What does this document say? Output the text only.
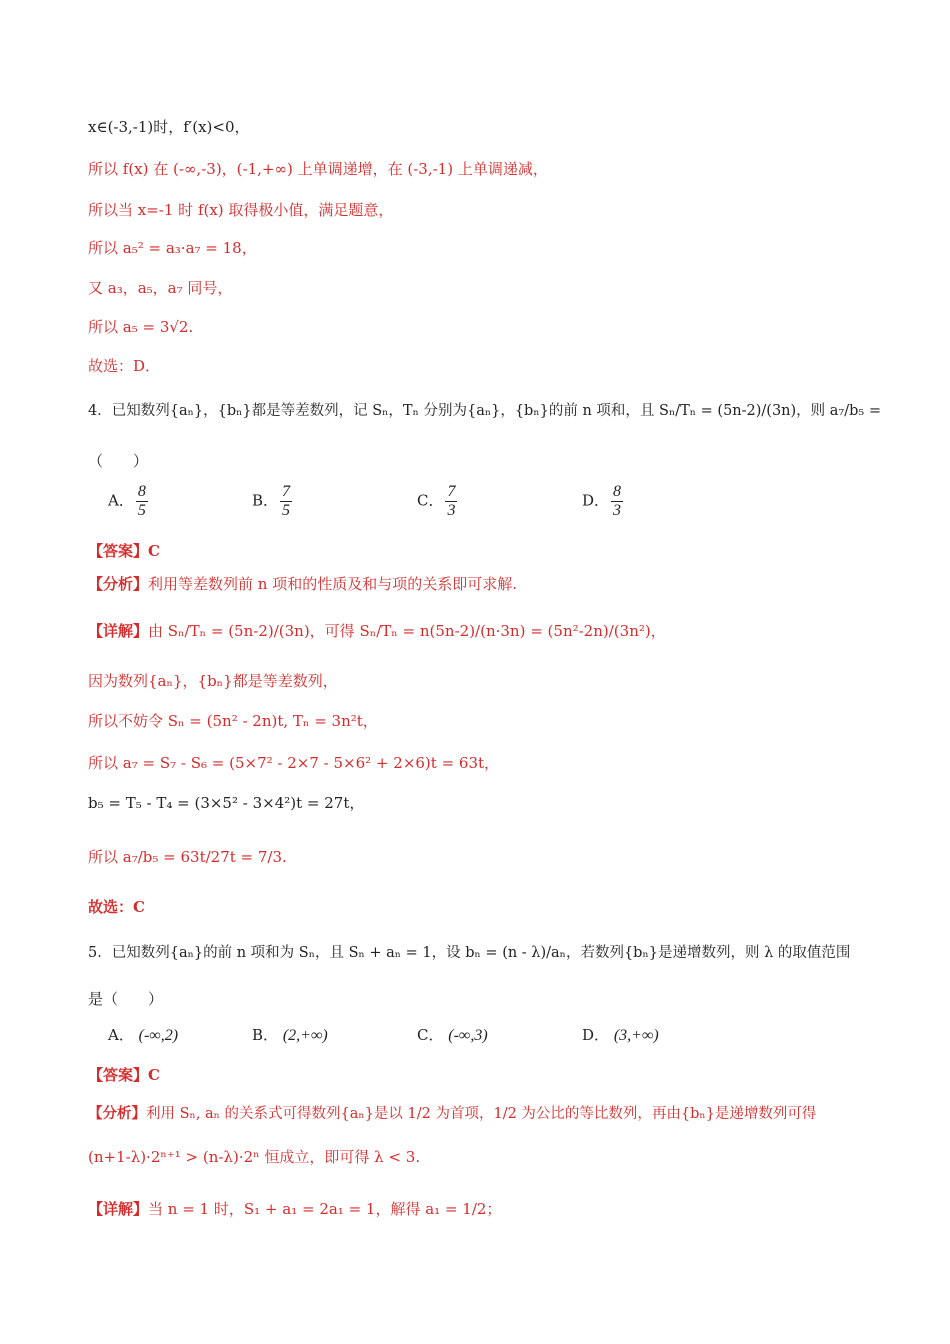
x∈(-3,-1)时，f′(x)<0，
所以 f(x) 在 (-∞,-3)，(-1,+∞) 上单调递增，在 (-3,-1) 上单调递减，
所以当 x=-1 时 f(x) 取得极小值，满足题意，
所以 a₅² = a₃·a₇ = 18，
又 a₃，a₅，a₇ 同号，
所以 a₅ = 3√2.
故选：D．
4．已知数列{aₙ}，{bₙ}都是等差数列，记 Sₙ，Tₙ 分别为{aₙ}，{bₙ}的前 n 项和，且 Sₙ/Tₙ = (5n-2)/(3n)，则 a₇/b₅ =
（　　）
A． $\frac{8}{5}$	B． $\frac{7}{5}$	C． $\frac{7}{3}$	D． $\frac{8}{3}$
【答案】C
【分析】利用等差数列前 n 项和的性质及和与项的关系即可求解.
【详解】由 Sₙ/Tₙ = (5n-2)/(3n)，可得 Sₙ/Tₙ = n(5n-2)/(n·3n) = (5n²-2n)/(3n²)，
因为数列{aₙ}，{bₙ}都是等差数列，
所以不妨令 Sₙ = (5n² - 2n)t, Tₙ = 3n²t，
所以 a₇ = S₇ - S₆ = (5×7² - 2×7 - 5×6² + 2×6)t = 63t，
b₅ = T₅ - T₄ = (3×5² - 3×4²)t = 27t，
所以 a₇/b₅ = 63t/27t = 7/3.
故选：C
5．已知数列{aₙ}的前 n 项和为 Sₙ，且 Sₙ + aₙ = 1，设 bₙ = (n - λ)/aₙ，若数列{bₙ}是递增数列，则 λ 的取值范围
是（　　）
A． (-∞,2)	B． (2,+∞)	C． (-∞,3)	D． (3,+∞)
【答案】C
【分析】利用 Sₙ, aₙ 的关系式可得数列{aₙ}是以 1/2 为首项，1/2 为公比的等比数列，再由{bₙ}是递增数列可得
(n+1-λ)·2ⁿ⁺¹ > (n-λ)·2ⁿ 恒成立，即可得 λ < 3.
【详解】当 n = 1 时，S₁ + a₁ = 2a₁ = 1，解得 a₁ = 1/2；
